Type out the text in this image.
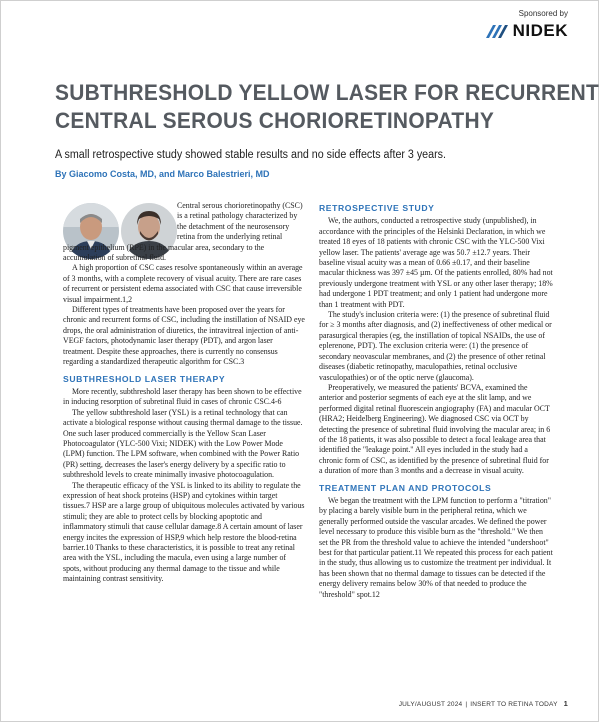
Sponsored by
NIDEK
SUBTHRESHOLD YELLOW LASER FOR RECURRENT
CENTRAL SEROUS CHORIORETINOPATHY
A small retrospective study showed stable results and no side effects after 3 years.
By Giacomo Costa, MD, and Marco Balestrieri, MD

Central serous chorioretinopathy (CSC) is a retinal pathology characterized by the detachment of the neurosensory retina from the underlying retinal

pigment epithelium (RPE) in the macular area, secondary to the accumulation of subretinal fluid.

A high proportion of CSC cases resolve spontaneously within an average of 3 months, with a complete recovery of visual acuity. There are rare cases of recurrent or persistent edema associated with CSC that cause irreversible visual impairment.1,2

Different types of treatments have been proposed over the years for chronic and recurrent forms of CSC, including the instillation of NSAID eye drops, the oral administration of diuretics, the intravitreal injection of anti-VEGF factors, photodynamic laser therapy (PDT), and argon laser treatment. Despite these approaches, there is currently no consensus regarding a standardized therapeutic algorithm for CSC.3

SUBTHRESHOLD LASER THERAPY

More recently, subthreshold laser therapy has been shown to be effective in inducing resorption of subretinal fluid in cases of chronic CSC.4-6

The yellow subthreshold laser (YSL) is a retinal technology that can activate a biological response without causing thermal damage to the tissue. One such laser produced commercially is the Yellow Scan Laser Photocoagulator (YLC-500 Vixi; NIDEK) with the Low Power Mode (LPM) function. The LPM software, when combined with the Power Ratio (PR) setting, decreases the laser's energy delivery by a specific ratio to subthreshold levels to create minimally invasive photocoagulation.

The therapeutic efficacy of the YSL is linked to its ability to regulate the expression of heat shock proteins (HSP) and cytokines within target tissues.7 HSP are a large group of ubiquitous molecules activated by various stimuli; they are able to protect cells by blocking apoptotic and inflammatory stimuli that cause cellular damage.8 A certain amount of laser energy incites the expression of HSP,9 which help restore the blood-retina barrier.10 Thanks to these characteristics, it is possible to treat any retinal area with the YSL, including the macula, even using a large number of spots, without producing any thermal damage to the tissue and while maintaining contrast sensitivity.

RETROSPECTIVE STUDY

We, the authors, conducted a retrospective study (unpublished), in accordance with the principles of the Helsinki Declaration, in which we treated 18 eyes of 18 patients with chronic CSC with the YLC-500 Vixi yellow laser. The patients' average age was 50.7 ±12.7 years. Their baseline visual acuity was a mean of 0.66 ±0.17, and their baseline macular thickness was 397 ±45 µm. Of the patients enrolled, 80% had not previously undergone treatment with YSL or any other laser therapy; 18% had undergone 1 PDT treatment; and only 1 patient had undergone more than 1 treatment with PDT.

The study's inclusion criteria were: (1) the presence of subretinal fluid for ≥ 3 months after diagnosis, and (2) ineffectiveness of other medical or parasurgical therapies (eg, the instillation of topical NSAIDs, the use of eplerenone, PDT). The exclusion criteria were: (1) the presence of secondary neovascular membranes, and (2) the presence of other retinal diseases (diabetic retinopathy, maculopathies, retinal occlusive vasculopathies) or of the optic nerve (glaucoma).

Preoperatively, we measured the patients' BCVA, examined the anterior and posterior segments of each eye at the slit lamp, and we performed digital retinal fluorescein angiography (FA) and macular OCT (HRA2; Heidelberg Engineering). We diagnosed CSC via OCT by detecting the presence of subretinal fluid involving the macular area; in 6 of the 18 patients, it was also possible to detect a focal leakage area that identified the "leakage point." All eyes included in the study had a chronic form of CSC, as identified by the presence of subretinal fluid for a duration of more than 3 months and a decrease in visual acuity.

TREATMENT PLAN AND PROTOCOLS

We began the treatment with the LPM function to perform a "titration" by placing a barely visible burn in the peripheral retina, which we generally performed outside the vascular arcades. We defined the power level necessary to produce this visible burn as the "threshold." We then set the PR from the threshold value to achieve the intended "undershoot" best for that particular patient.11 We repeated this process for each patient in the study, thus allowing us to customize the treatment per individual. It has been shown that no thermal damage to tissues can be detected if the energy delivery remains below 30% of that needed to produce the "threshold" spot.12

JULY/AUGUST 2024 | INSERT TO RETINA TODAY 1
